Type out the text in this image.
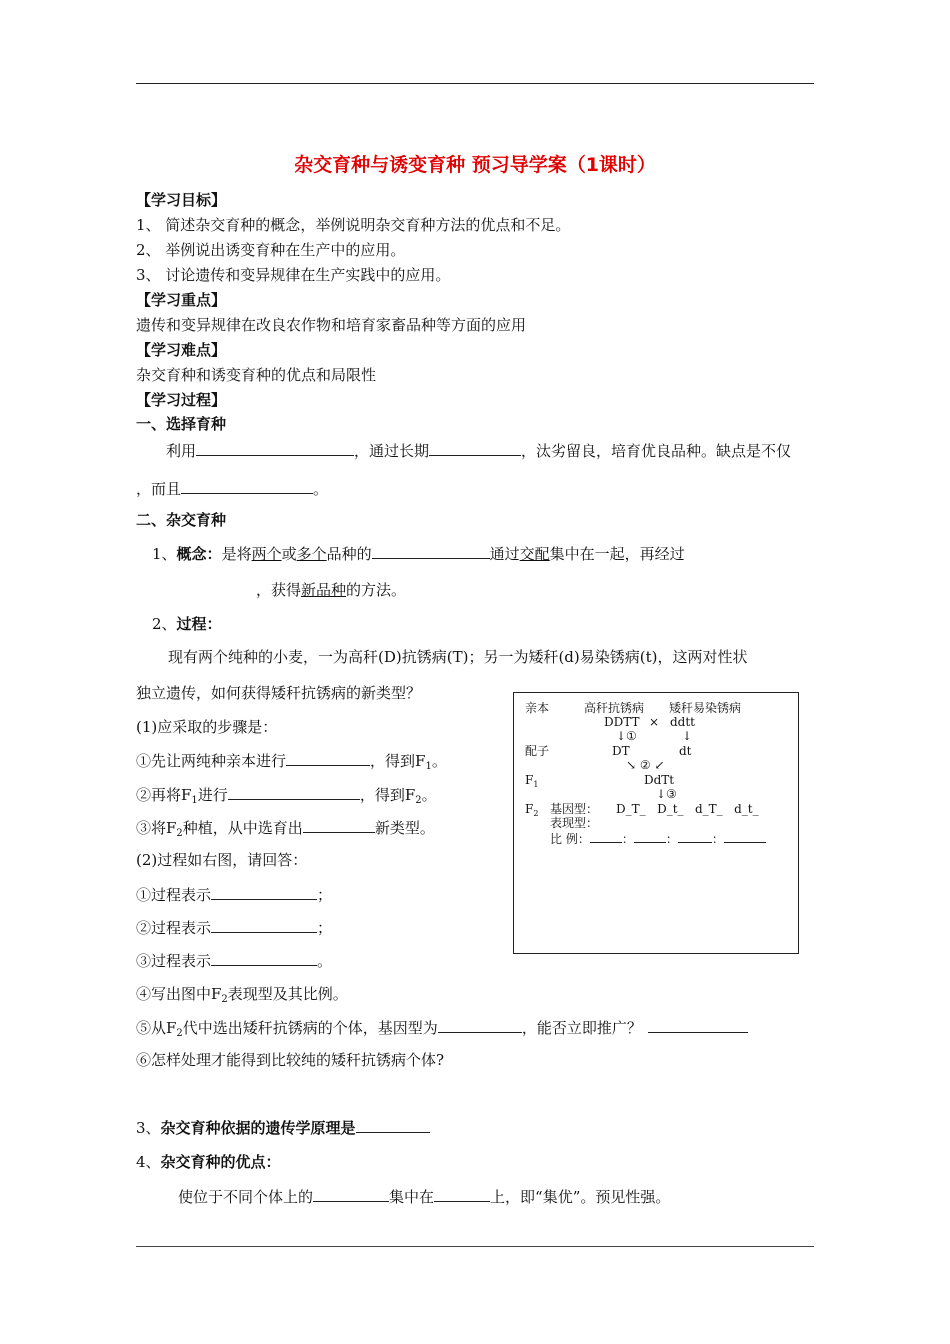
杂交育种与诱变育种 预习导学案（1课时）
【学习目标】
1、 简述杂交育种的概念，举例说明杂交育种方法的优点和不足。
2、 举例说出诱变育种在生产中的应用。
3、 讨论遗传和变异规律在生产实践中的应用。
【学习重点】
遗传和变异规律在改良农作物和培育家畜品种等方面的应用
【学习难点】
杂交育种和诱变育种的优点和局限性
【学习过程】
一、选择育种
利用	，通过长期	，汰劣留良，培育优良品种。缺点是不仅
，而且	。
二、杂交育种
1、概念：是将两个或多个品种的	通过交配集中在一起，再经过
，获得新品种的方法。
2、过程：
现有两个纯种的小麦，一为高秆(D)抗锈病(T)；另一为矮秆(d)易染锈病(t)，这两对性状
独立遗传，如何获得矮秆抗锈病的新类型？
(1)应采取的步骤是：
①先让两纯种亲本进行	，得到$F_1$。
②再将$F_1$进行	，得到$F_2$。
③将$F_2$种植，从中选育出	新类型。
(2)过程如右图，请回答：
①过程表示	；
②过程表示	；
③过程表示	。
④写出图中$F_2$表现型及其比例。
⑤从$F_2$代中选出矮秆抗锈病的个体，基因型为	，能否立即推广？
⑥怎样处理才能得到比较纯的矮秆抗锈病个体?
亲本	高秆抗锈病 矮秆易染锈病
DDTT × ddtt
↓①	↓
配子	DT	dt
↘ ② ↙
$F_1$	DdTt
↓③
$F_2$ 基因型： D_T_   D_t_   d_T_   d_t_
表现型：
比 例：	：	：	：
3、杂交育种依据的遗传学原理是
4、杂交育种的优点：
使位于不同个体上的	集中在	上，即“集优”。预见性强。
